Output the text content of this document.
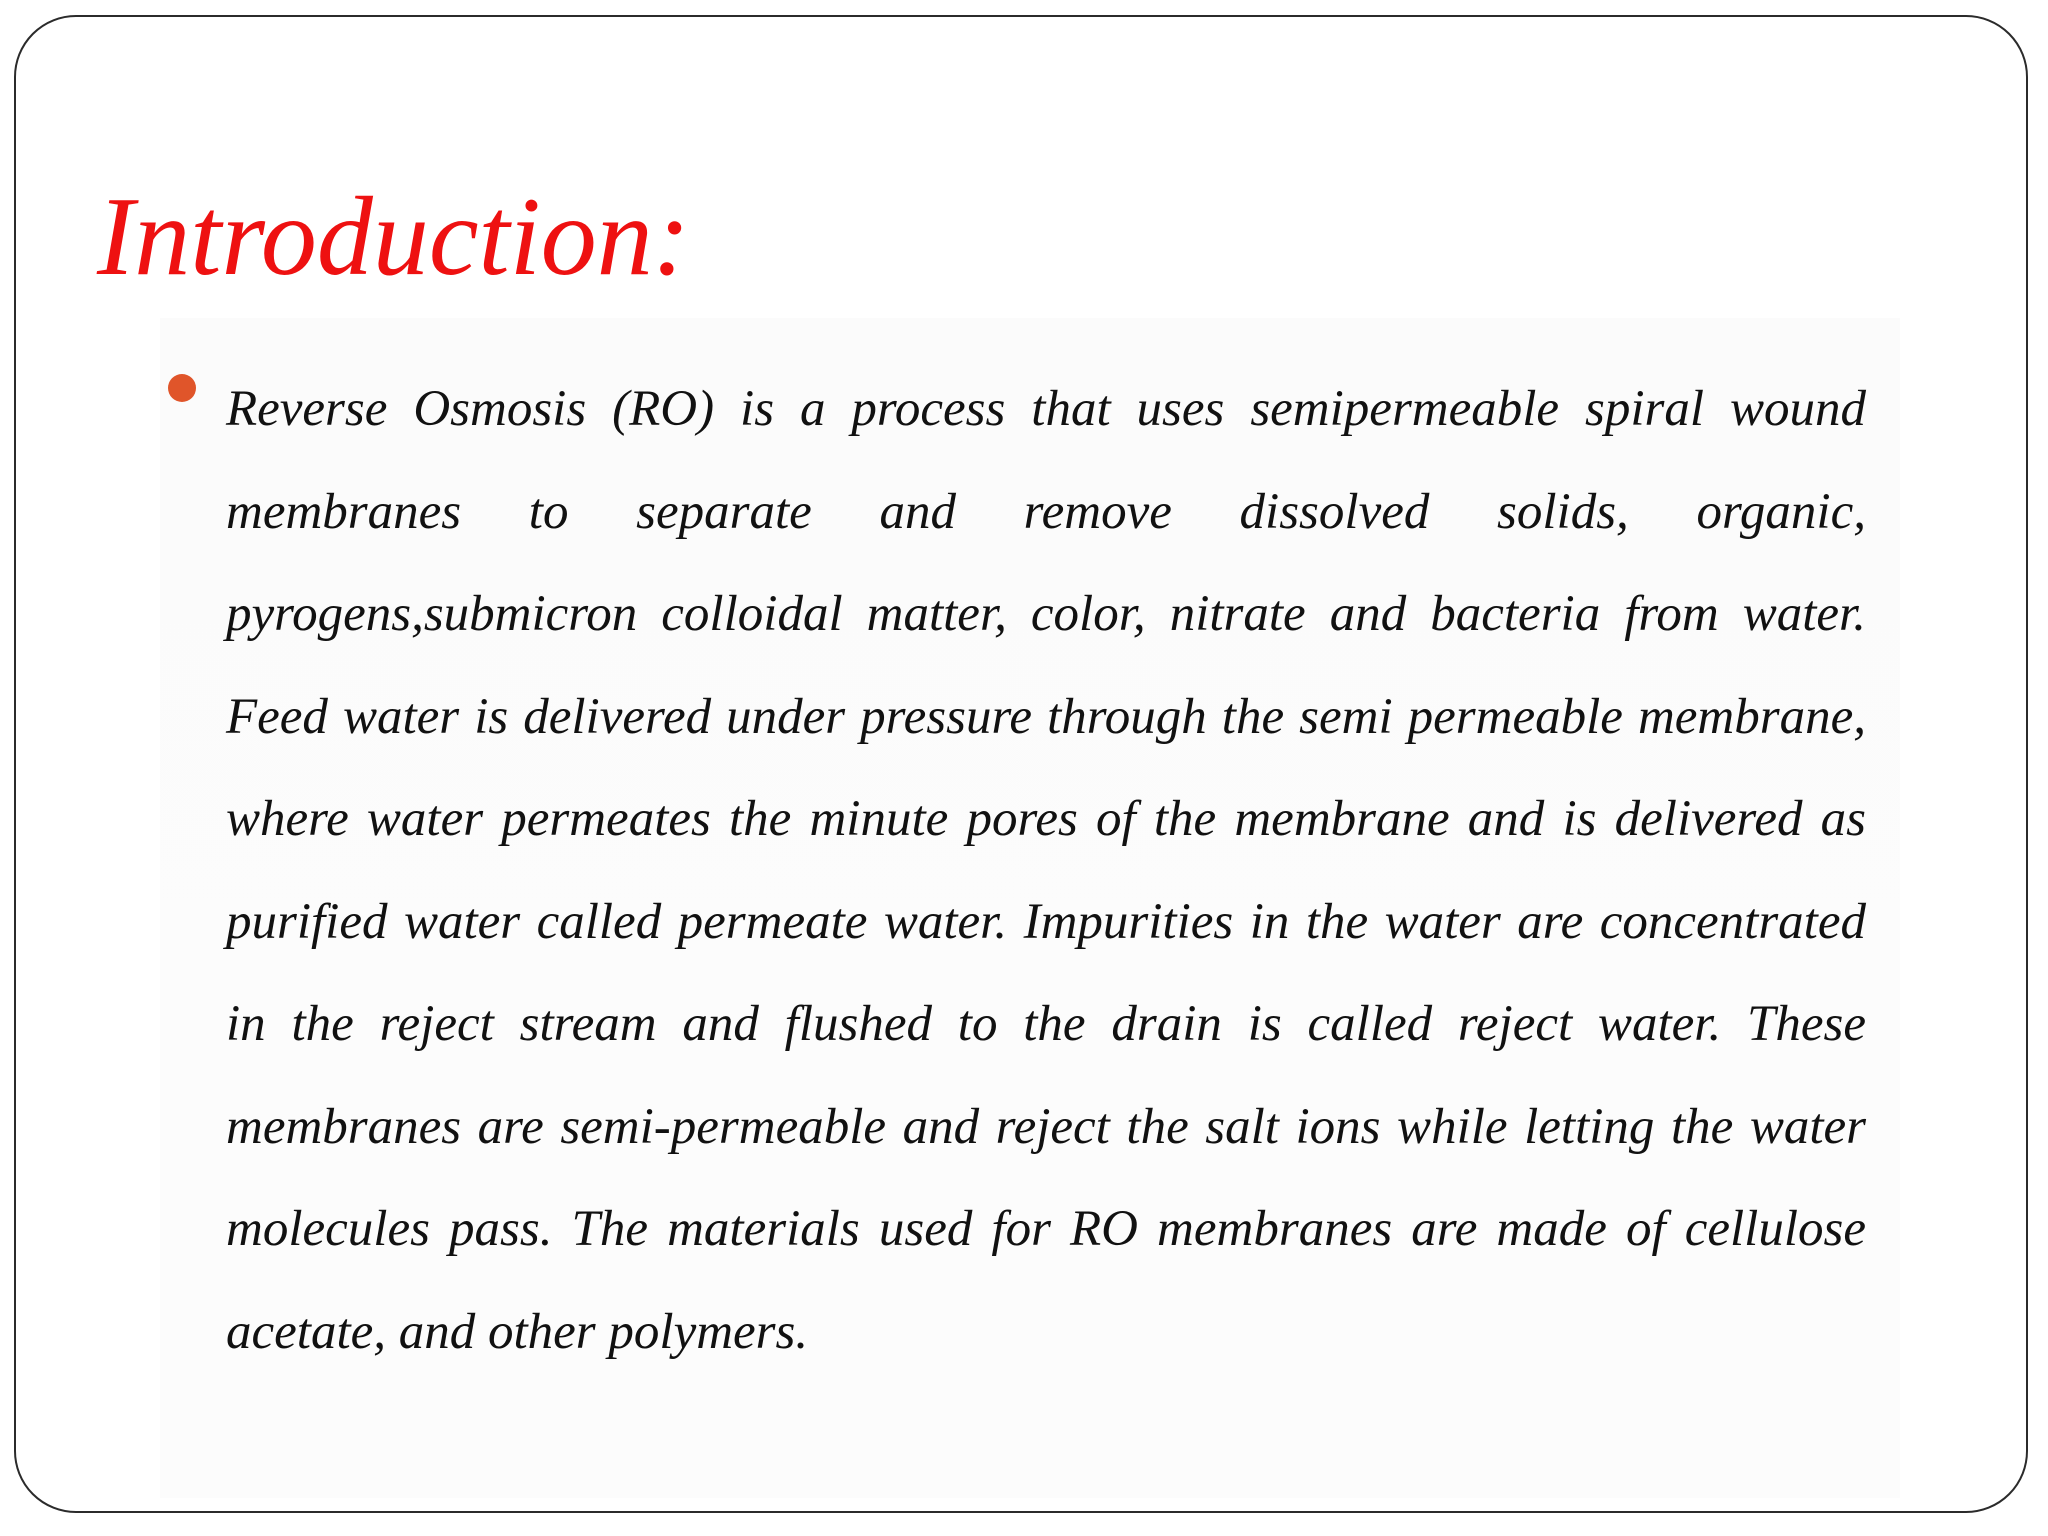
Introduction:

Reverse Osmosis (RO) is a process that uses semipermeable spiral wound membranes to separate and remove dissolved solids, organic, pyrogens,submicron colloidal matter, color, nitrate and bacteria from water. Feed water is delivered under pressure through the semi permeable membrane, where water permeates the minute pores of the membrane and is delivered as purified water called permeate water. Impurities in the water are concentrated in the reject stream and flushed to the drain is called reject water. These membranes are semi-permeable and reject the salt ions while letting the water molecules pass. The materials used for RO membranes are made of cellulose acetate, and other polymers.
